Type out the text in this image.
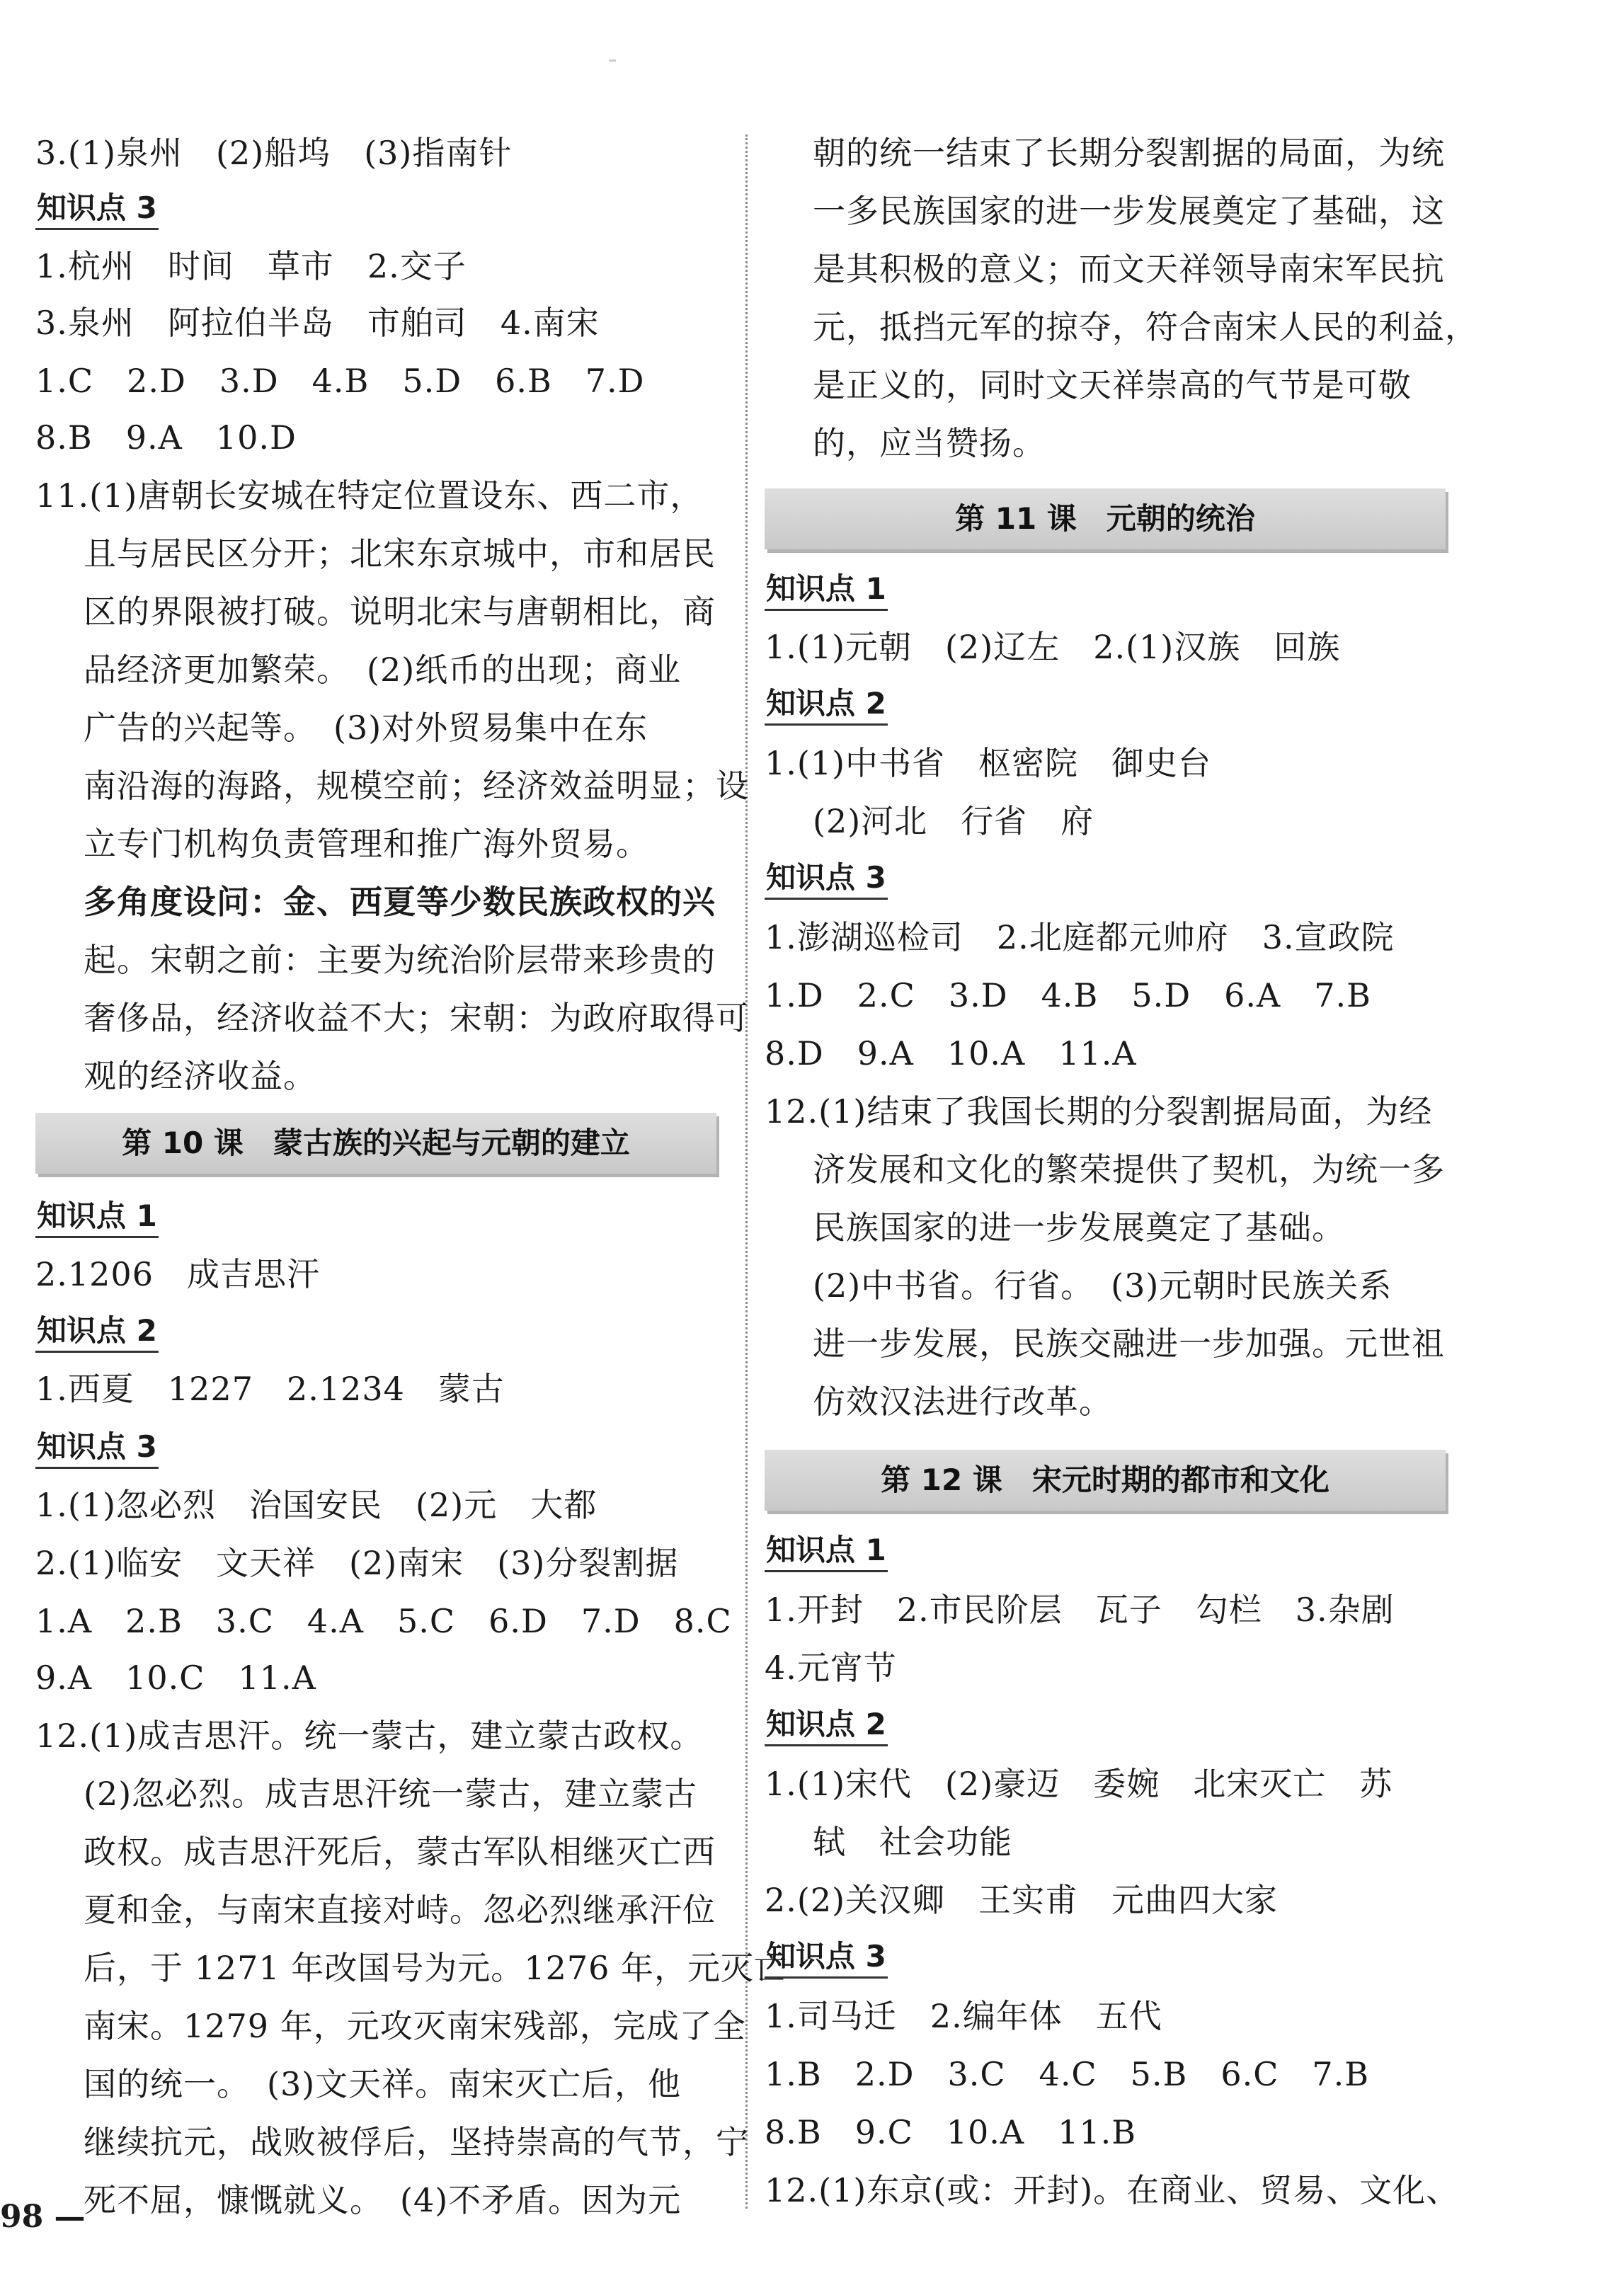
3.(1)泉州　(2)船坞　(3)指南针
知识点 3
1.杭州　时间　草市　2.交子
3.泉州　阿拉伯半岛　市舶司　4.南宋
1.C　2.D　3.D　4.B　5.D　6.B　7.D
8.B　9.A　10.D
11.(1)唐朝长安城在特定位置设东、西二市，
且与居民区分开；北宋东京城中，市和居民
区的界限被打破。说明北宋与唐朝相比，商
品经济更加繁荣。　(2)纸币的出现；商业
广告的兴起等。　(3)对外贸易集中在东
南沿海的海路，规模空前；经济效益明显；设
立专门机构负责管理和推广海外贸易。
多角度设问：金、西夏等少数民族政权的兴
起。宋朝之前：主要为统治阶层带来珍贵的
奢侈品，经济收益不大；宋朝：为政府取得可
观的经济收益。
第 10 课　蒙古族的兴起与元朝的建立
知识点 1
2.1206　成吉思汗
知识点 2
1.西夏　1227　2.1234　蒙古
知识点 3
1.(1)忽必烈　治国安民　(2)元　大都
2.(1)临安　文天祥　(2)南宋　(3)分裂割据
1.A　2.B　3.C　4.A　5.C　6.D　7.D　8.C
9.A　10.C　11.A
12.(1)成吉思汗。统一蒙古，建立蒙古政权。
(2)忽必烈。成吉思汗统一蒙古，建立蒙古
政权。成吉思汗死后，蒙古军队相继灭亡西
夏和金，与南宋直接对峙。忽必烈继承汗位
后，于 1271 年改国号为元。1276 年，元灭亡
南宋。1279 年，元攻灭南宋残部，完成了全
国的统一。　(3)文天祥。南宋灭亡后，他
继续抗元，战败被俘后，坚持崇高的气节，宁
死不屈，慷慨就义。　(4)不矛盾。因为元
98 —
朝的统一结束了长期分裂割据的局面，为统
一多民族国家的进一步发展奠定了基础，这
是其积极的意义；而文天祥领导南宋军民抗
元，抵挡元军的掠夺，符合南宋人民的利益，
是正义的，同时文天祥崇高的气节是可敬
的，应当赞扬。
第 11 课　元朝的统治
知识点 1
1.(1)元朝　(2)辽左　2.(1)汉族　回族
知识点 2
1.(1)中书省　枢密院　御史台
(2)河北　行省　府
知识点 3
1.澎湖巡检司　2.北庭都元帅府　3.宣政院
1.D　2.C　3.D　4.B　5.D　6.A　7.B
8.D　9.A　10.A　11.A
12.(1)结束了我国长期的分裂割据局面，为经
济发展和文化的繁荣提供了契机，为统一多
民族国家的进一步发展奠定了基础。
(2)中书省。行省。　(3)元朝时民族关系
进一步发展，民族交融进一步加强。元世祖
仿效汉法进行改革。
第 12 课　宋元时期的都市和文化
知识点 1
1.开封　2.市民阶层　瓦子　勾栏　3.杂剧
4.元宵节
知识点 2
1.(1)宋代　(2)豪迈　委婉　北宋灭亡　苏
轼　社会功能
2.(2)关汉卿　王实甫　元曲四大家
知识点 3
1.司马迁　2.编年体　五代
1.B　2.D　3.C　4.C　5.B　6.C　7.B
8.B　9.C　10.A　11.B
12.(1)东京(或：开封)。在商业、贸易、文化、
